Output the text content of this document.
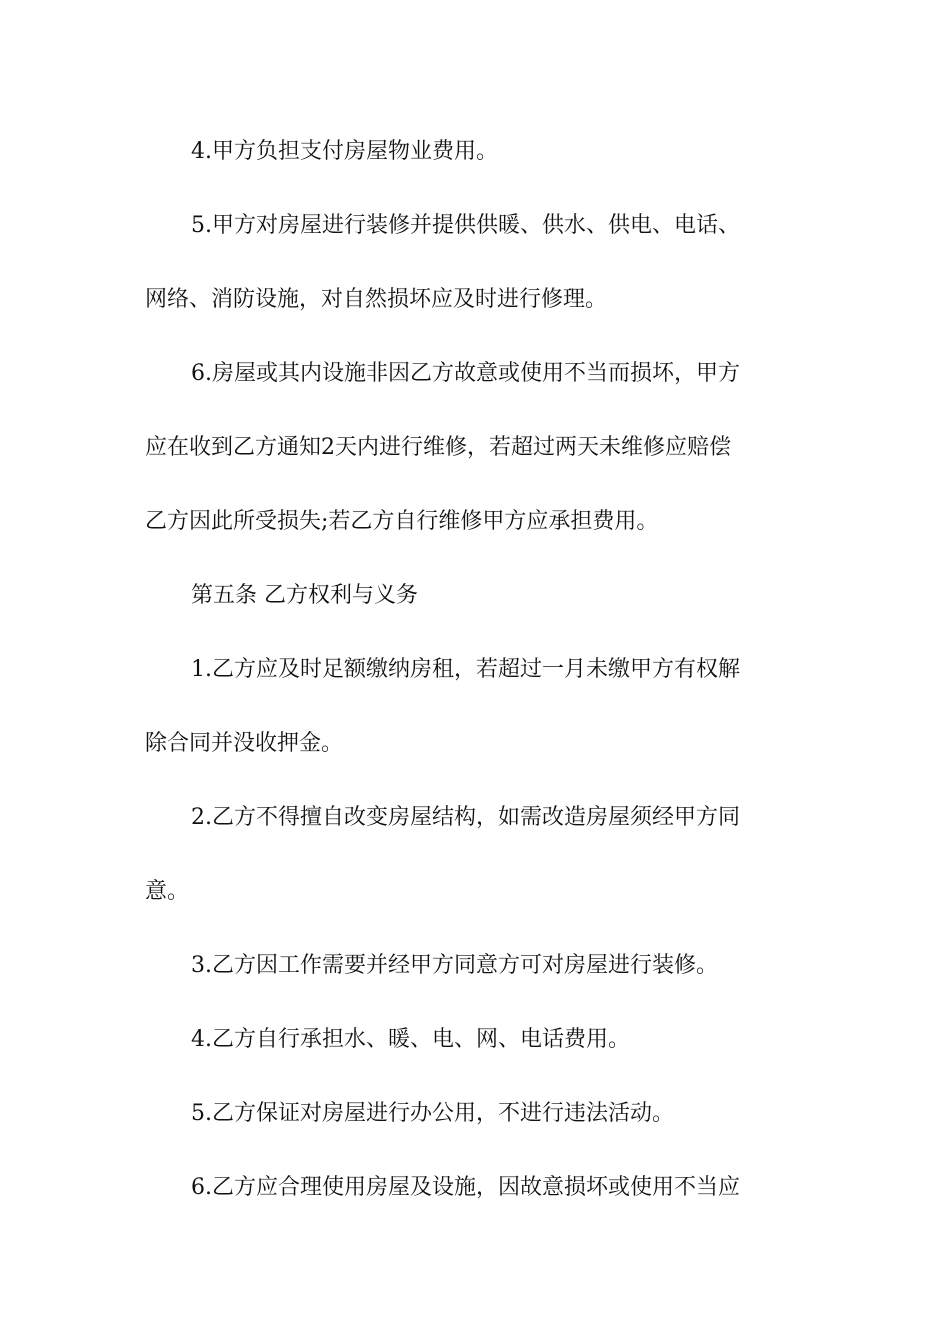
4.甲方负担支付房屋物业费用。
5.甲方对房屋进行装修并提供供暖、供水、供电、电话、
网络、消防设施，对自然损坏应及时进行修理。
6.房屋或其内设施非因乙方故意或使用不当而损坏，甲方
应在收到乙方通知2天内进行维修，若超过两天未维修应赔偿
乙方因此所受损失;若乙方自行维修甲方应承担费用。
第五条 乙方权利与义务
1.乙方应及时足额缴纳房租，若超过一月未缴甲方有权解
除合同并没收押金。
2.乙方不得擅自改变房屋结构，如需改造房屋须经甲方同
意。
3.乙方因工作需要并经甲方同意方可对房屋进行装修。
4.乙方自行承担水、暖、电、网、电话费用。
5.乙方保证对房屋进行办公用，不进行违法活动。
6.乙方应合理使用房屋及设施，因故意损坏或使用不当应
